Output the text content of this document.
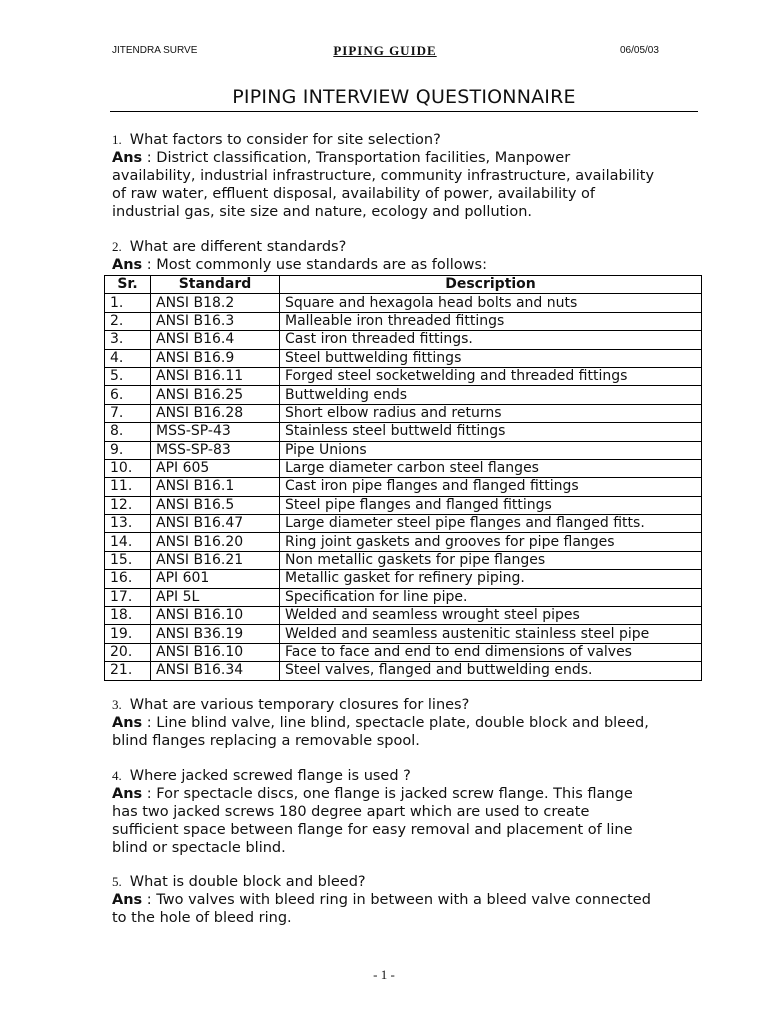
JITENDRA SURVE	PIPING GUIDE	06/05/03
PIPING INTERVIEW QUESTIONNAIRE
1. What factors to consider for site selection?
Ans : District classification, Transportation facilities, Manpower
availability, industrial infrastructure, community infrastructure, availability
of raw water, effluent disposal, availability of power, availability of
industrial gas, site size and nature, ecology and pollution.
2. What are different standards?
Ans : Most commonly use standards are as follows:
Sr.	Standard	Description
1.	ANSI B18.2	Square and hexagola head bolts and nuts
2.	ANSI B16.3	Malleable iron threaded fittings
3.	ANSI B16.4	Cast iron threaded fittings.
4.	ANSI B16.9	Steel buttwelding fittings
5.	ANSI B16.11	Forged steel socketwelding and threaded fittings
6.	ANSI B16.25	Buttwelding ends
7.	ANSI B16.28	Short elbow radius and returns
8.	MSS-SP-43	Stainless steel buttweld fittings
9.	MSS-SP-83	Pipe Unions
10.	API 605	Large diameter carbon steel flanges
11.	ANSI B16.1	Cast iron pipe flanges and flanged fittings
12.	ANSI B16.5	Steel pipe flanges and flanged fittings
13.	ANSI B16.47	Large diameter steel pipe flanges and flanged fitts.
14.	ANSI B16.20	Ring joint gaskets and grooves for pipe flanges
15.	ANSI B16.21	Non metallic gaskets for pipe flanges
16.	API 601	Metallic gasket for refinery piping.
17.	API 5L	Specification for line pipe.
18.	ANSI B16.10	Welded and seamless wrought steel pipes
19.	ANSI B36.19	Welded and seamless austenitic stainless steel pipe
20.	ANSI B16.10	Face to face and end to end dimensions of valves
21.	ANSI B16.34	Steel valves, flanged and buttwelding ends.
3. What are various temporary closures for lines?
Ans : Line blind valve, line blind, spectacle plate, double block and bleed,
blind flanges replacing a removable spool.
4. Where jacked screwed flange is used ?
Ans : For spectacle discs, one flange is jacked screw flange. This flange
has two jacked screws 180 degree apart which are used to create
sufficient space between flange for easy removal and placement of line
blind or spectacle blind.
5. What is double block and bleed?
Ans : Two valves with bleed ring in between with a bleed valve connected
to the hole of bleed ring.
- 1 -
